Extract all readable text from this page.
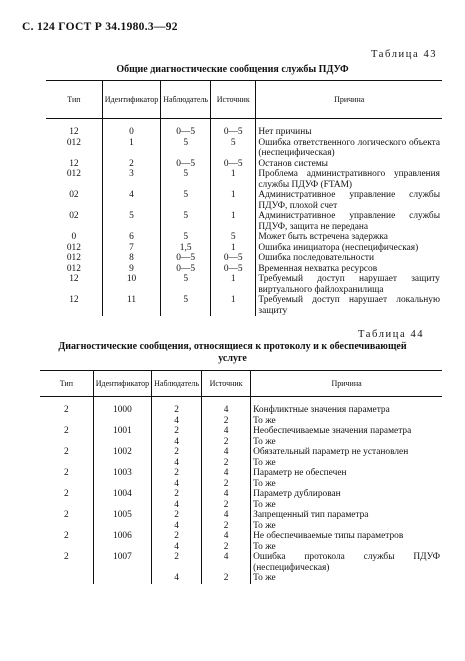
С. 124 ГОСТ Р 34.1980.3—92
Таблица 43
Общие диагностические сообщения службы ПДУФ
Тип	Идентификатор	Наблюдатель	Источник	Причина

12	0	0—5	0—5	Нет причины
012	1	5	5	Ошибка ответственного логического объекта (неспецифическая)
12	2	0—5	0—5	Останов системы
012	3	5	1	Проблема административного управления службы ПДУФ (FTAM)
02	4	5	1	Административное управление службы ПДУФ, плохой счет
02	5	5	1	Административное управление службы ПДУФ, защита не передана
0	6	5	5	Может быть встречена задержка
012	7	1,5	1	Ошибка инициатора (неспецифическая)
012	8	0—5	0—5	Ошибка последовательности
012	9	0—5	0—5	Временная нехватка ресурсов
12	10	5	1	Требуемый доступ нарушает защиту виртуального файлохранилища
12	11	5	1	Требуемый доступ нарушает локальную защиту
Таблица 44
Диагностические сообщения, относящиеся к протоколу и к обеспечивающей услуге
Тип	Идентификатор	Наблюдатель	Источник	Причина

2	1000	2	4	Конфликтные значения параметра
		4	2	То же
2	1001	2	4	Необеспечиваемые значения параметра
		4	2	То же
2	1002	2	4	Обязательный параметр не установлен
		4	2	То же
2	1003	2	4	Параметр не обеспечен
		4	2	То же
2	1004	2	4	Параметр дублирован
		4	2	То же
2	1005	2	4	Запрещенный тип параметра
		4	2	То же
2	1006	2	4	Не обеспечиваемые типы параметров
		4	2	То же
2	1007	2	4	Ошибка протокола службы ПДУФ (неспецифическая)
		4	2	То же
